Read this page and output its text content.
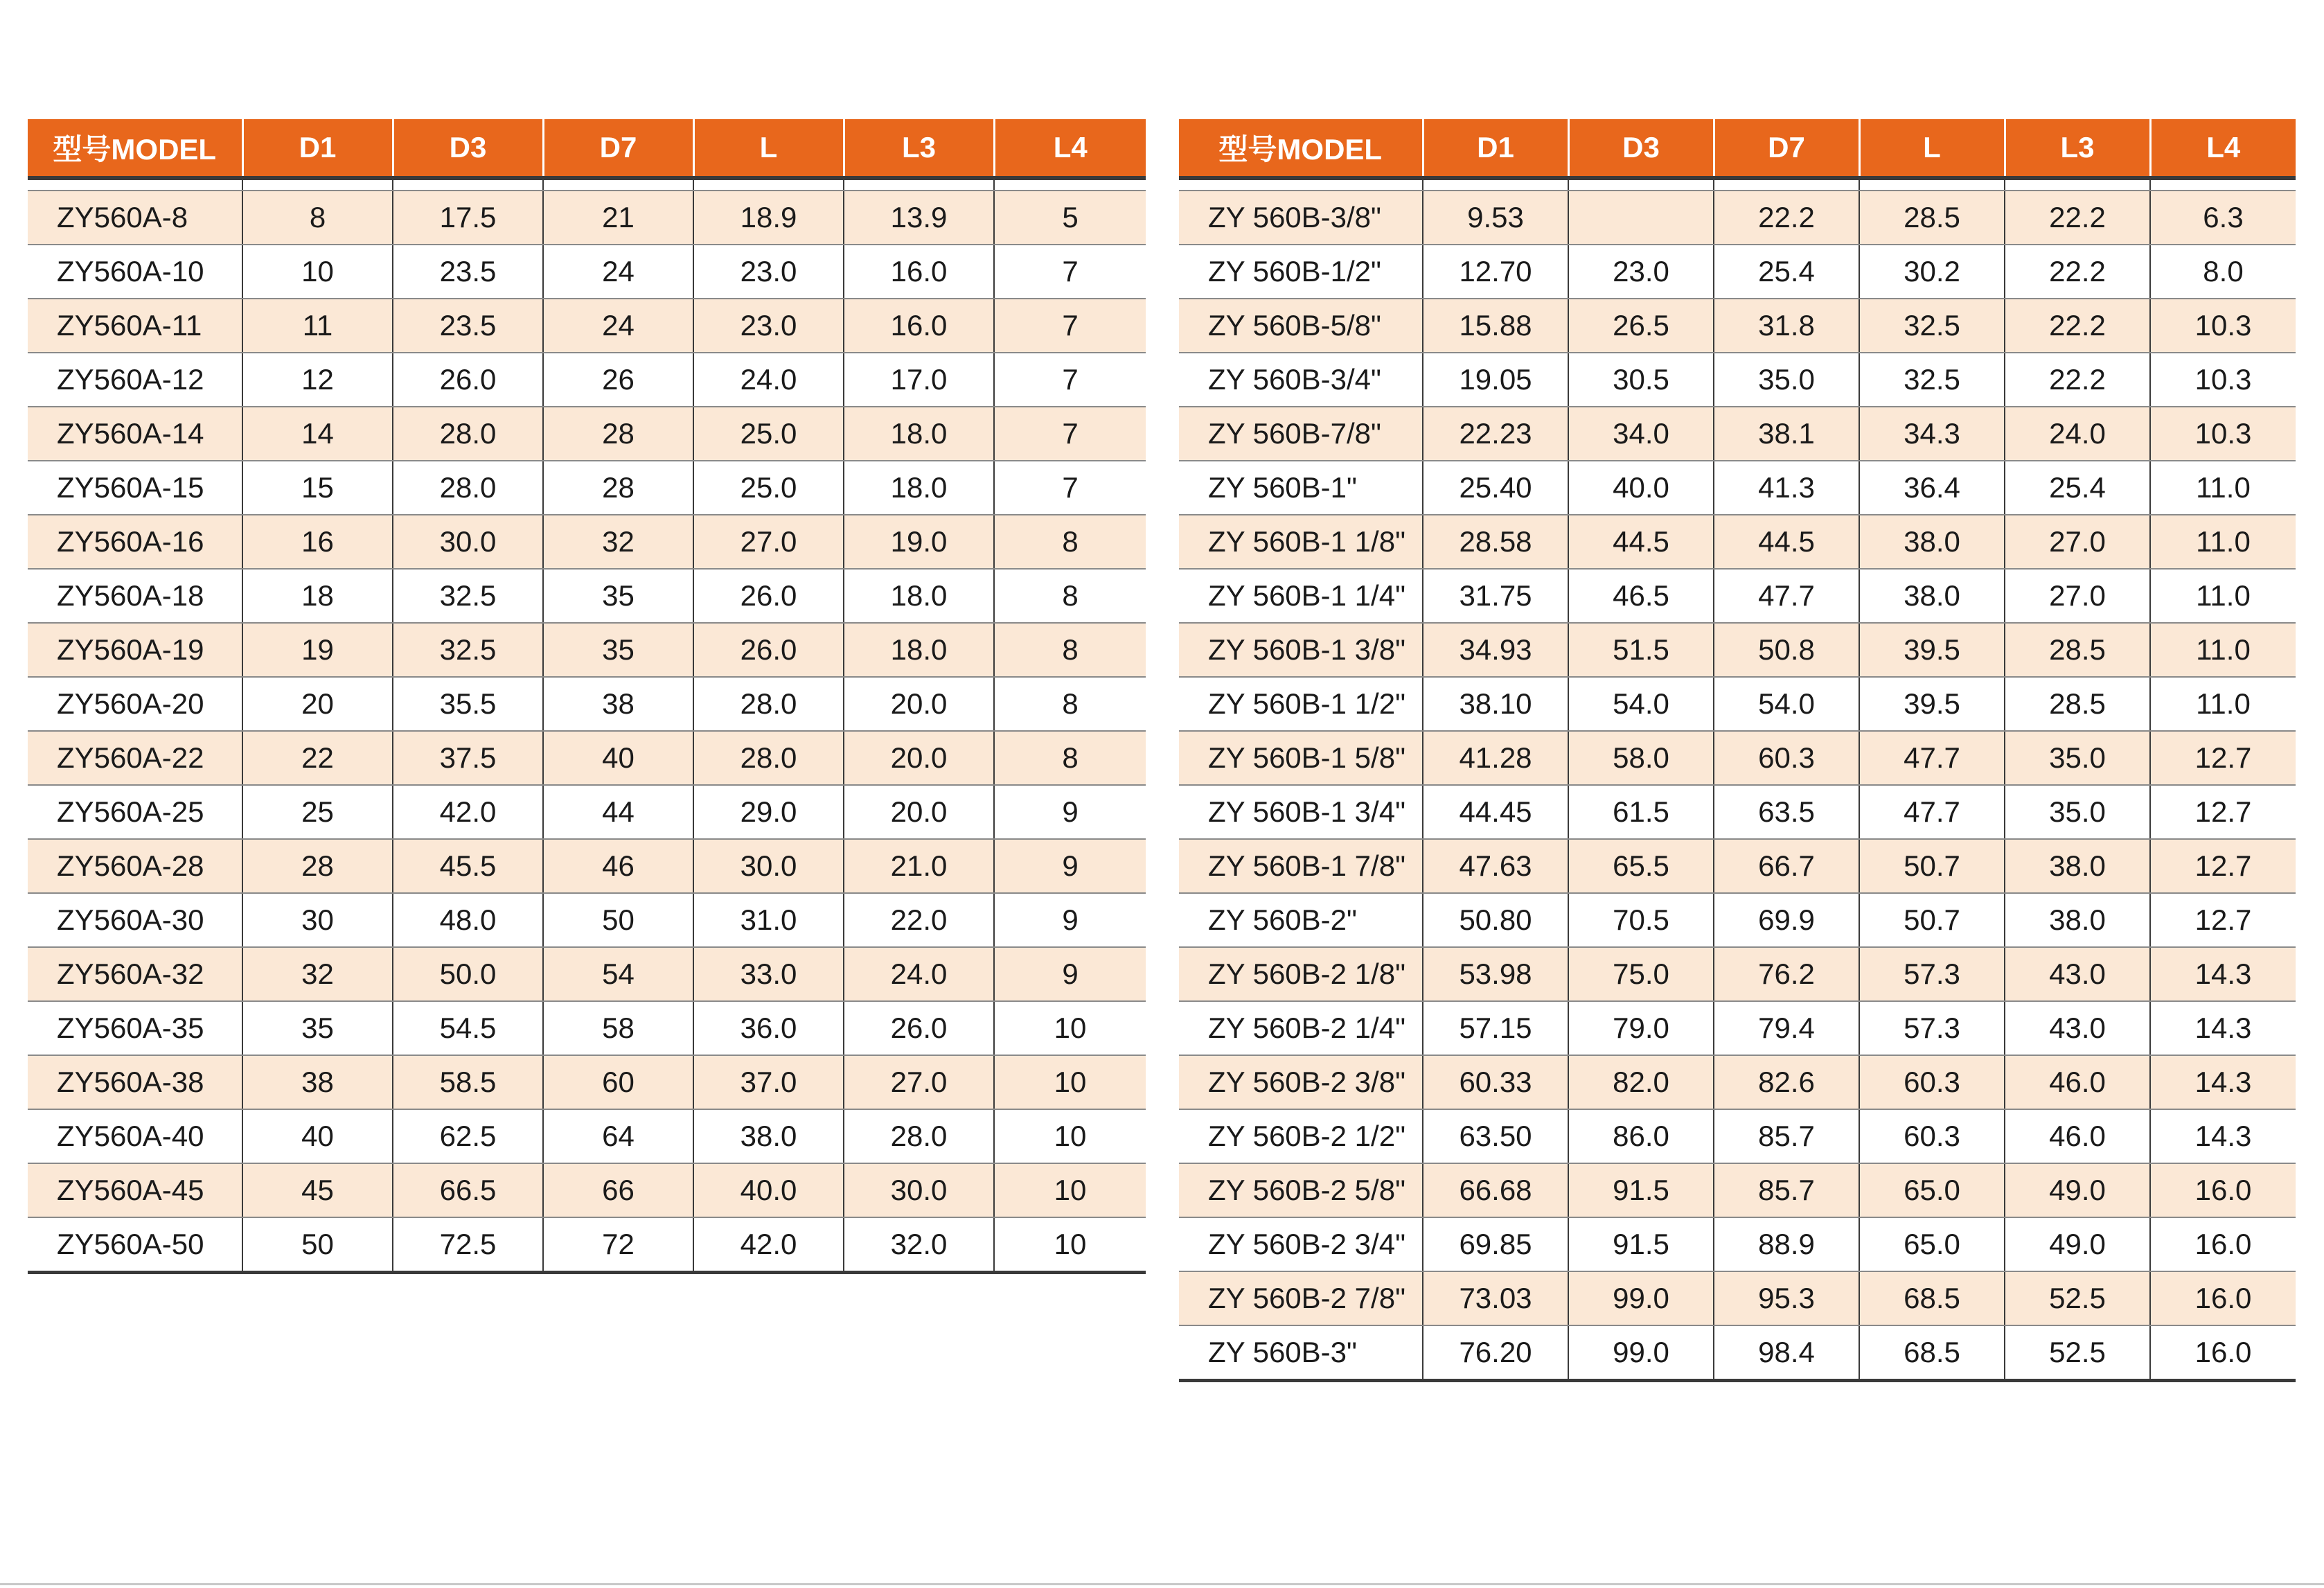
型号MODEL	D1	D3	D7	L	L3	L4

ZY560A-8	8	17.5	21	18.9	13.9	5
ZY560A-10	10	23.5	24	23.0	16.0	7
ZY560A-11	11	23.5	24	23.0	16.0	7
ZY560A-12	12	26.0	26	24.0	17.0	7
ZY560A-14	14	28.0	28	25.0	18.0	7
ZY560A-15	15	28.0	28	25.0	18.0	7
ZY560A-16	16	30.0	32	27.0	19.0	8
ZY560A-18	18	32.5	35	26.0	18.0	8
ZY560A-19	19	32.5	35	26.0	18.0	8
ZY560A-20	20	35.5	38	28.0	20.0	8
ZY560A-22	22	37.5	40	28.0	20.0	8
ZY560A-25	25	42.0	44	29.0	20.0	9
ZY560A-28	28	45.5	46	30.0	21.0	9
ZY560A-30	30	48.0	50	31.0	22.0	9
ZY560A-32	32	50.0	54	33.0	24.0	9
ZY560A-35	35	54.5	58	36.0	26.0	10
ZY560A-38	38	58.5	60	37.0	27.0	10
ZY560A-40	40	62.5	64	38.0	28.0	10
ZY560A-45	45	66.5	66	40.0	30.0	10
ZY560A-50	50	72.5	72	42.0	32.0	10
型号MODEL	D1	D3	D7	L	L3	L4

ZY 560B-3/8"	9.53		22.2	28.5	22.2	6.3
ZY 560B-1/2"	12.70	23.0	25.4	30.2	22.2	8.0
ZY 560B-5/8"	15.88	26.5	31.8	32.5	22.2	10.3
ZY 560B-3/4"	19.05	30.5	35.0	32.5	22.2	10.3
ZY 560B-7/8"	22.23	34.0	38.1	34.3	24.0	10.3
ZY 560B-1"	25.40	40.0	41.3	36.4	25.4	11.0
ZY 560B-1 1/8"	28.58	44.5	44.5	38.0	27.0	11.0
ZY 560B-1 1/4"	31.75	46.5	47.7	38.0	27.0	11.0
ZY 560B-1 3/8"	34.93	51.5	50.8	39.5	28.5	11.0
ZY 560B-1 1/2"	38.10	54.0	54.0	39.5	28.5	11.0
ZY 560B-1 5/8"	41.28	58.0	60.3	47.7	35.0	12.7
ZY 560B-1 3/4"	44.45	61.5	63.5	47.7	35.0	12.7
ZY 560B-1 7/8"	47.63	65.5	66.7	50.7	38.0	12.7
ZY 560B-2"	50.80	70.5	69.9	50.7	38.0	12.7
ZY 560B-2 1/8"	53.98	75.0	76.2	57.3	43.0	14.3
ZY 560B-2 1/4"	57.15	79.0	79.4	57.3	43.0	14.3
ZY 560B-2 3/8"	60.33	82.0	82.6	60.3	46.0	14.3
ZY 560B-2 1/2"	63.50	86.0	85.7	60.3	46.0	14.3
ZY 560B-2 5/8"	66.68	91.5	85.7	65.0	49.0	16.0
ZY 560B-2 3/4"	69.85	91.5	88.9	65.0	49.0	16.0
ZY 560B-2 7/8"	73.03	99.0	95.3	68.5	52.5	16.0
ZY 560B-3"	76.20	99.0	98.4	68.5	52.5	16.0
